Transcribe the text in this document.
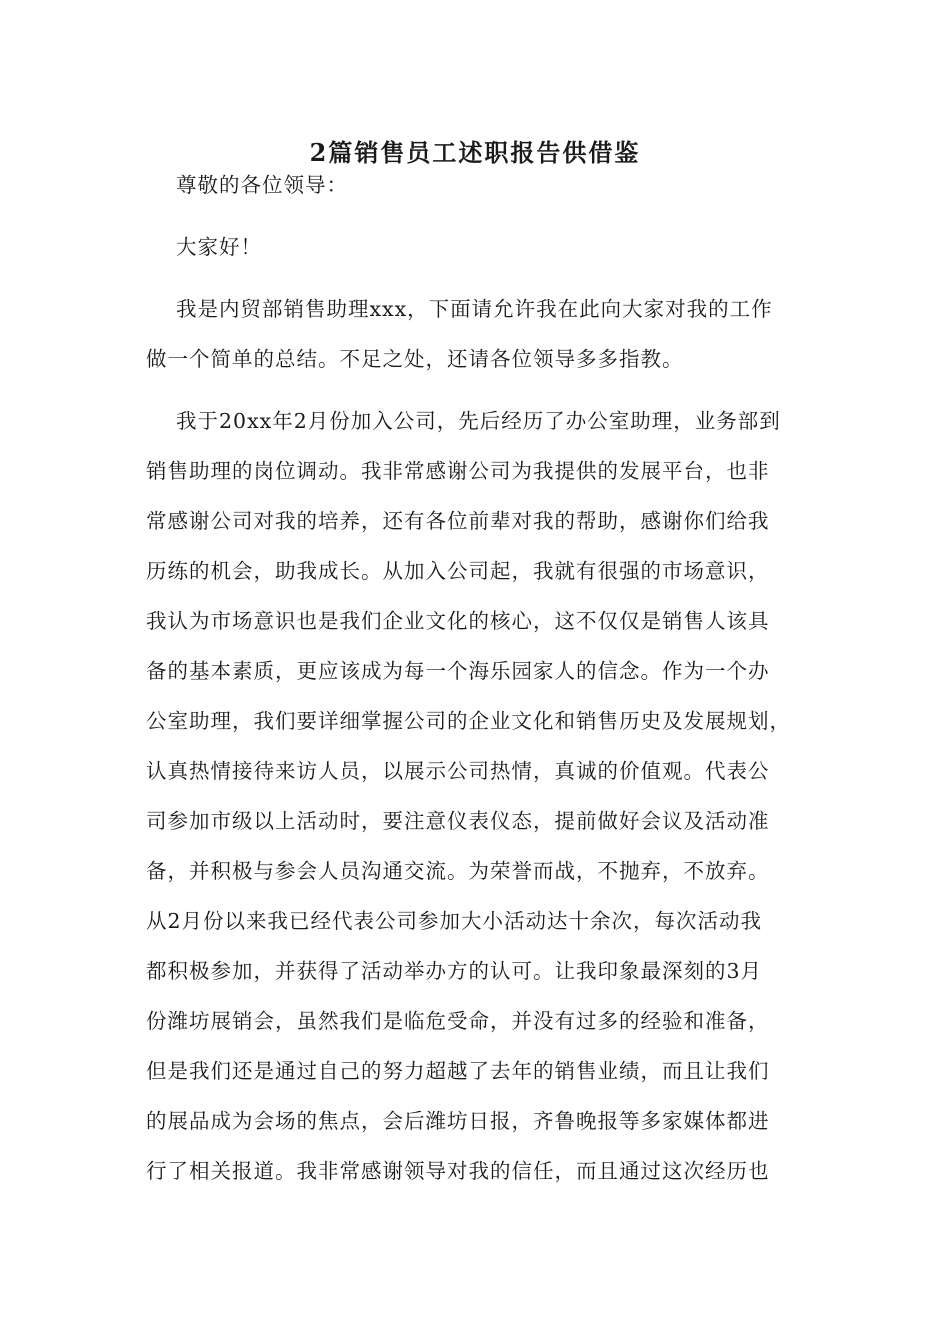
2篇销售员工述职报告供借鉴
尊敬的各位领导：
大家好！
我是内贸部销售助理xxx，下面请允许我在此向大家对我的工作
做一个简单的总结。不足之处，还请各位领导多多指教。
我于20xx年2月份加入公司，先后经历了办公室助理，业务部到
销售助理的岗位调动。我非常感谢公司为我提供的发展平台，也非
常感谢公司对我的培养，还有各位前辈对我的帮助，感谢你们给我
历练的机会，助我成长。从加入公司起，我就有很强的市场意识，
我认为市场意识也是我们企业文化的核心，这不仅仅是销售人该具
备的基本素质，更应该成为每一个海乐园家人的信念。作为一个办
公室助理，我们要详细掌握公司的企业文化和销售历史及发展规划，
认真热情接待来访人员，以展示公司热情，真诚的价值观。代表公
司参加市级以上活动时，要注意仪表仪态，提前做好会议及活动准
备，并积极与参会人员沟通交流。为荣誉而战，不抛弃，不放弃。
从2月份以来我已经代表公司参加大小活动达十余次，每次活动我
都积极参加，并获得了活动举办方的认可。让我印象最深刻的3月
份潍坊展销会，虽然我们是临危受命，并没有过多的经验和准备，
但是我们还是通过自己的努力超越了去年的销售业绩，而且让我们
的展品成为会场的焦点，会后潍坊日报，齐鲁晚报等多家媒体都进
行了相关报道。我非常感谢领导对我的信任，而且通过这次经历也
